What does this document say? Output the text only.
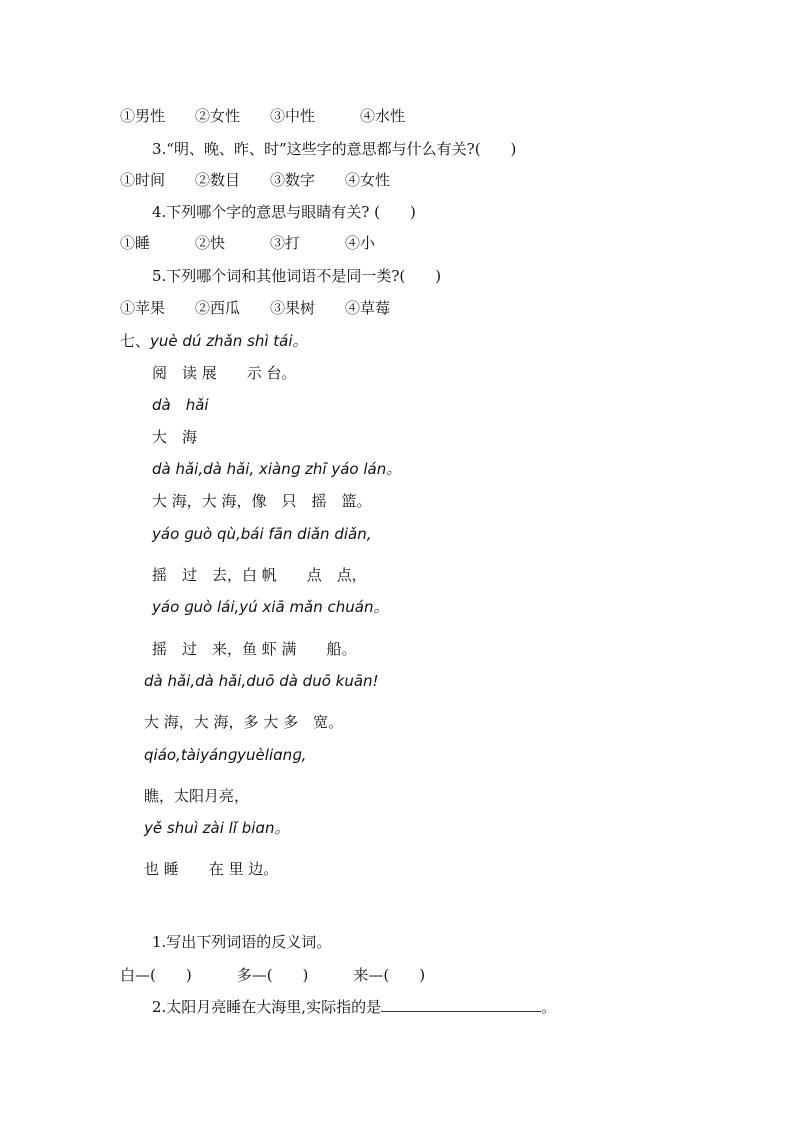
①男性　　②女性　　③中性　　　④水性
3.“明、晚、昨、时”这些字的意思都与什么有关?(　　)
①时间　　②数目　　③数字　　④女性
4.下列哪个字的意思与眼睛有关? (　　)
①睡　　　②快　　　③打　　　④小
5.下列哪个词和其他词语不是同一类?(　　)
①苹果　　②西瓜　　③果树　　④草莓
七、yuè dú zhǎn shì tái。
阅　读 展　　示 台。
dà　hǎi
大　海
dà hǎi,dà hǎi, xiànɡ zhī yáo lán。
大 海，大 海，像　只　摇　篮。
yáo ɡuò qù,bái fān diǎn diǎn,
摇　过　去，白 帆　　点　点，
yáo ɡuò lái,yú xiā mǎn chuán。
摇　过　来，鱼 虾 满　　船。
dà hǎi,dà hǎi,duō dà duō kuān!
大 海，大 海，多 大 多　宽。
qiáo,tàiyánɡyuèliɑnɡ,
瞧，太阳月亮，
yě shuì zài lǐ biɑn。
也 睡　　在 里 边。
1.写出下列词语的反义词。
白—(　　)　　　多—(　　)　　　来—(　　)
2.太阳月亮睡在大海里,实际指的是	。
